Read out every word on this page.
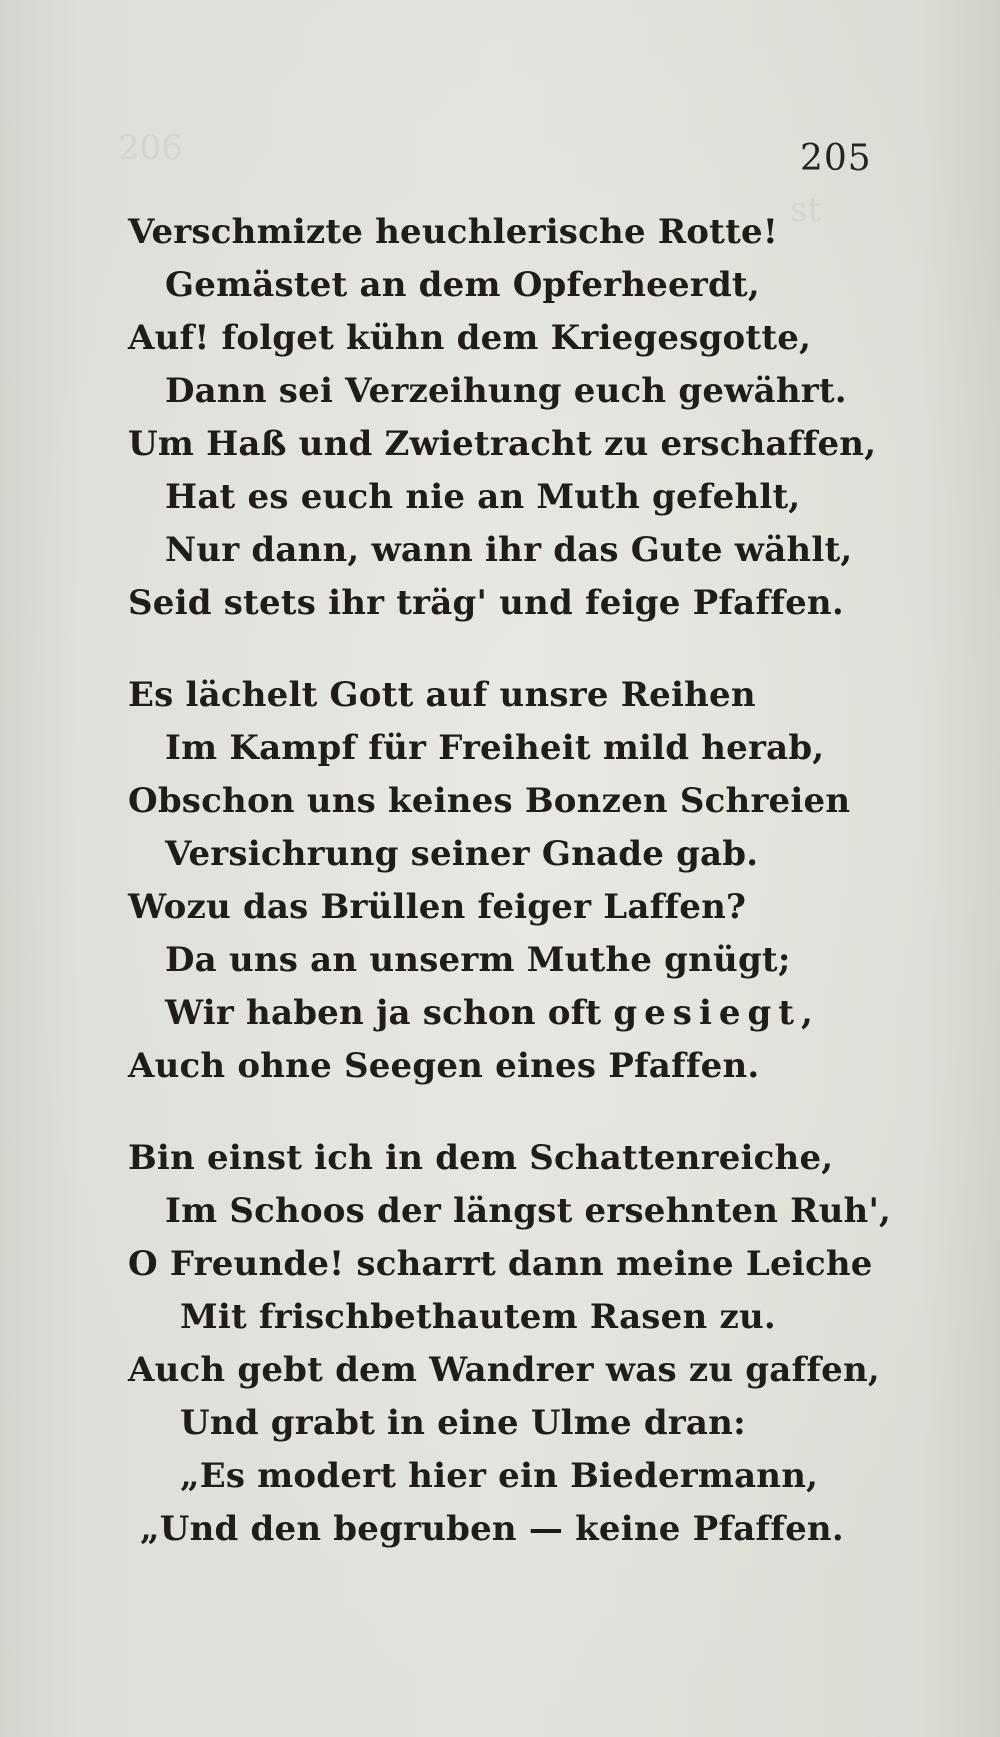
206
st
205
Verschmizte heuchlerische Rotte!
Gemästet an dem Opferheerdt,
Auf! folget kühn dem Kriegesgotte,
Dann sei Verzeihung euch gewährt.
Um Haß und Zwietracht zu erschaffen,
Hat es euch nie an Muth gefehlt,
Nur dann, wann ihr das Gute wählt,
Seid stets ihr träg' und feige Pfaffen.
Es lächelt Gott auf unsre Reihen
Im Kampf für Freiheit mild herab,
Obschon uns keines Bonzen Schreien
Versichrung seiner Gnade gab.
Wozu das Brüllen feiger Laffen?
Da uns an unserm Muthe gnügt;
Wir haben ja schon oft gesiegt,
Auch ohne Seegen eines Pfaffen.
Bin einst ich in dem Schattenreiche,
Im Schoos der längst ersehnten Ruh',
O Freunde! scharrt dann meine Leiche
Mit frischbethautem Rasen zu.
Auch gebt dem Wandrer was zu gaffen,
Und grabt in eine Ulme dran:
„Es modert hier ein Biedermann,
„Und den begruben — keine Pfaffen.
